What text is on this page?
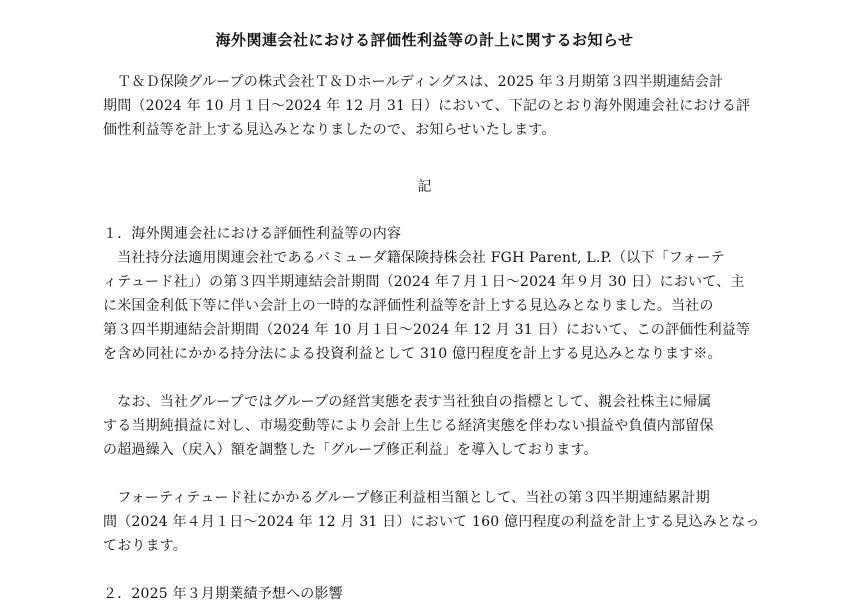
海外関連会社における評価性利益等の計上に関するお知らせ
　Ｔ＆Ｄ保険グループの株式会社Ｔ＆Ｄホールディングスは、2025 年３月期第３四半期連結会計
期間（2024 年 10 月１日～2024 年 12 月 31 日）において、下記のとおり海外関連会社における評
価性利益等を計上する見込みとなりましたので、お知らせいたします。
記
１．海外関連会社における評価性利益等の内容
　当社持分法適用関連会社であるバミューダ籍保険持株会社 FGH Parent, L.P.（以下「フォーテ
ィテュード社」）の第３四半期連結会計期間（2024 年７月１日～2024 年９月 30 日）において、主
に米国金利低下等に伴い会計上の一時的な評価性利益等を計上する見込みとなりました。当社の
第３四半期連結会計期間（2024 年 10 月１日～2024 年 12 月 31 日）において、この評価性利益等
を含め同社にかかる持分法による投資利益として 310 億円程度を計上する見込みとなります※。
　なお、当社グループではグループの経営実態を表す当社独自の指標として、親会社株主に帰属
する当期純損益に対し、市場変動等により会計上生じる経済実態を伴わない損益や負債内部留保
の超過繰入（戻入）額を調整した「グループ修正利益」を導入しております。
　フォーティテュード社にかかるグループ修正利益相当額として、当社の第３四半期連結累計期
間（2024 年４月１日～2024 年 12 月 31 日）において 160 億円程度の利益を計上する見込みとなっ
ております。
２．2025 年３月期業績予想への影響
